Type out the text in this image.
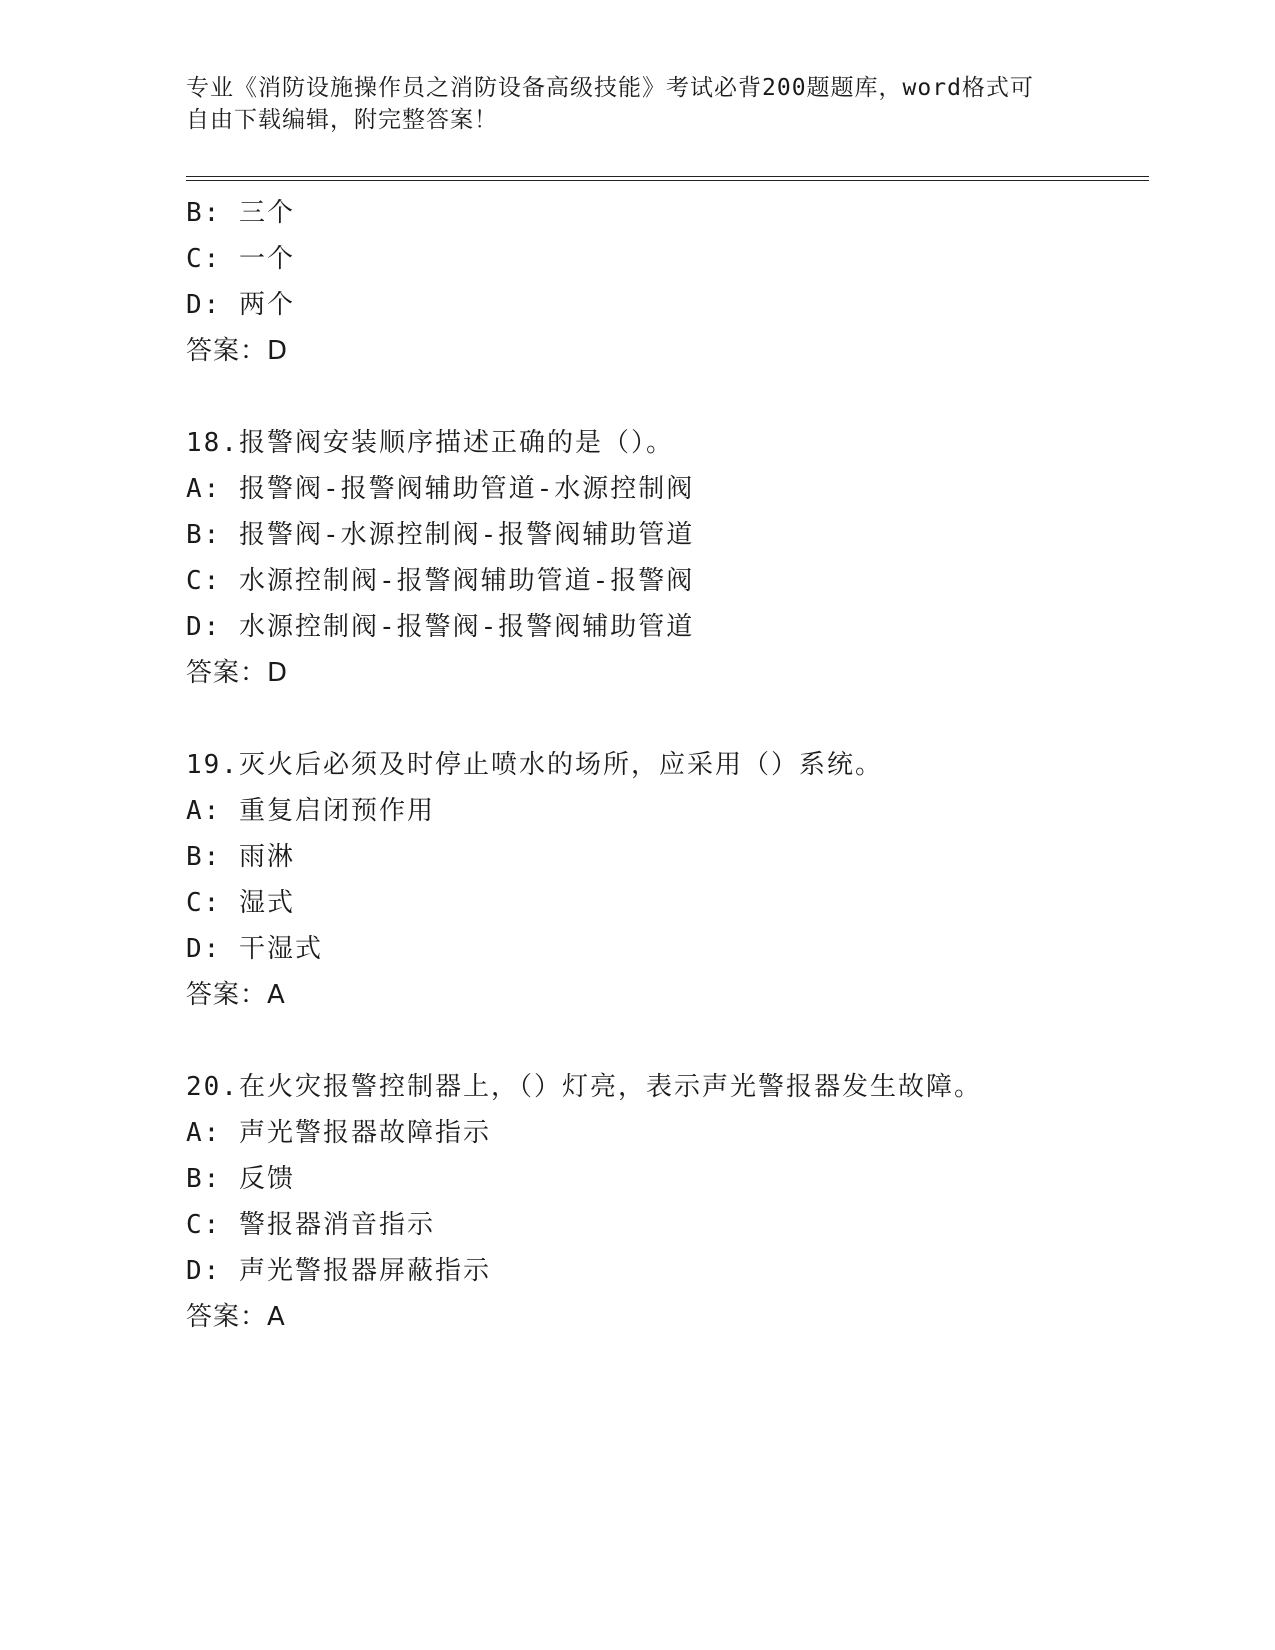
专业《消防设施操作员之消防设备高级技能》考试必背200题题库，word格式可
自由下载编辑，附完整答案！
B: 三个
C: 一个
D: 两个
答案：D
18.报警阀安装顺序描述正确的是（）。
A: 报警阀-报警阀辅助管道-水源控制阀
B: 报警阀-水源控制阀-报警阀辅助管道
C: 水源控制阀-报警阀辅助管道-报警阀
D: 水源控制阀-报警阀-报警阀辅助管道
答案：D
19.灭火后必须及时停止喷水的场所，应采用（）系统。
A: 重复启闭预作用
B: 雨淋
C: 湿式
D: 干湿式
答案：A
20.在火灾报警控制器上，（）灯亮，表示声光警报器发生故障。
A: 声光警报器故障指示
B: 反馈
C: 警报器消音指示
D: 声光警报器屏蔽指示
答案：A
